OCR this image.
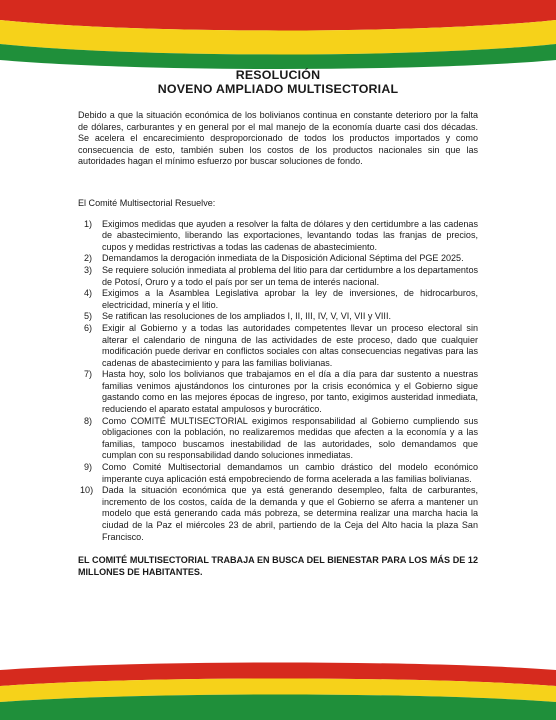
RESOLUCIÓN
NOVENO AMPLIADO MULTISECTORIAL

Debido a que la situación económica de los bolivianos continua en constante deterioro por la falta de dólares, carburantes y en general por el mal manejo de la economía duarte casi dos décadas. Se acelera el encarecimiento desproporcionado de todos los productos importados y como consecuencia de esto, también suben los costos de los productos nacionales sin que las autoridades hagan el mínimo esfuerzo por buscar soluciones de fondo.

El Comité Multisectorial Resuelve:

1)	Exigimos medidas que ayuden a resolver la falta de dólares y den certidumbre a las cadenas de abastecimiento, liberando las exportaciones, levantando todas las franjas de precios, cupos y medidas restrictivas a todas las cadenas de abastecimiento.
2)	Demandamos la derogación inmediata de la Disposición Adicional Séptima del PGE 2025.
3)	Se requiere solución inmediata al problema del litio para dar certidumbre a los departamentos de Potosí, Oruro y a todo el país por ser un tema de interés nacional.
4)	Exigimos a la Asamblea Legislativa aprobar la ley de inversiones, de hidrocarburos, electricidad, minería y el litio.
5)	Se ratifican las resoluciones de los ampliados I, II, III, IV, V, VI, VII y VIII.
6)	Exigir al Gobierno y a todas las autoridades competentes llevar un proceso electoral sin alterar el calendario de ninguna de las actividades de este proceso, dado que cualquier modificación puede derivar en conflictos sociales con altas consecuencias negativas para las cadenas de abastecimiento y para las familias bolivianas.
7)	Hasta hoy, solo los bolivianos que trabajamos en el día a día para dar sustento a nuestras familias venimos ajustándonos los cinturones por la crisis económica y el Gobierno sigue gastando como en las mejores épocas de ingreso, por tanto, exigimos austeridad inmediata, reduciendo el aparato estatal ampulosos y burocrático.
8)	Como COMITÉ MULTISECTORIAL exigimos responsabilidad al Gobierno cumpliendo sus obligaciones con la población, no realizaremos medidas que afecten a la economía y a las familias, tampoco buscamos inestabilidad de las autoridades, solo demandamos que cumplan con su responsabilidad dando soluciones inmediatas.
9)	Como Comité Multisectorial demandamos un cambio drástico del modelo económico imperante cuya aplicación está empobreciendo de forma acelerada a las familias bolivianas.
10) Dada la situación económica que ya está generando desempleo, falta de carburantes, incremento de los costos, caída de la demanda y que el Gobierno se aferra a mantener un modelo que está generando cada más pobreza, se determina realizar una marcha hacia la ciudad de la Paz el miércoles 23 de abril, partiendo de la Ceja del Alto hacia la plaza San Francisco.

EL COMITÉ MULTISECTORIAL TRABAJA EN BUSCA DEL BIENESTAR PARA LOS MÁS DE 12 MILLONES DE HABITANTES.
